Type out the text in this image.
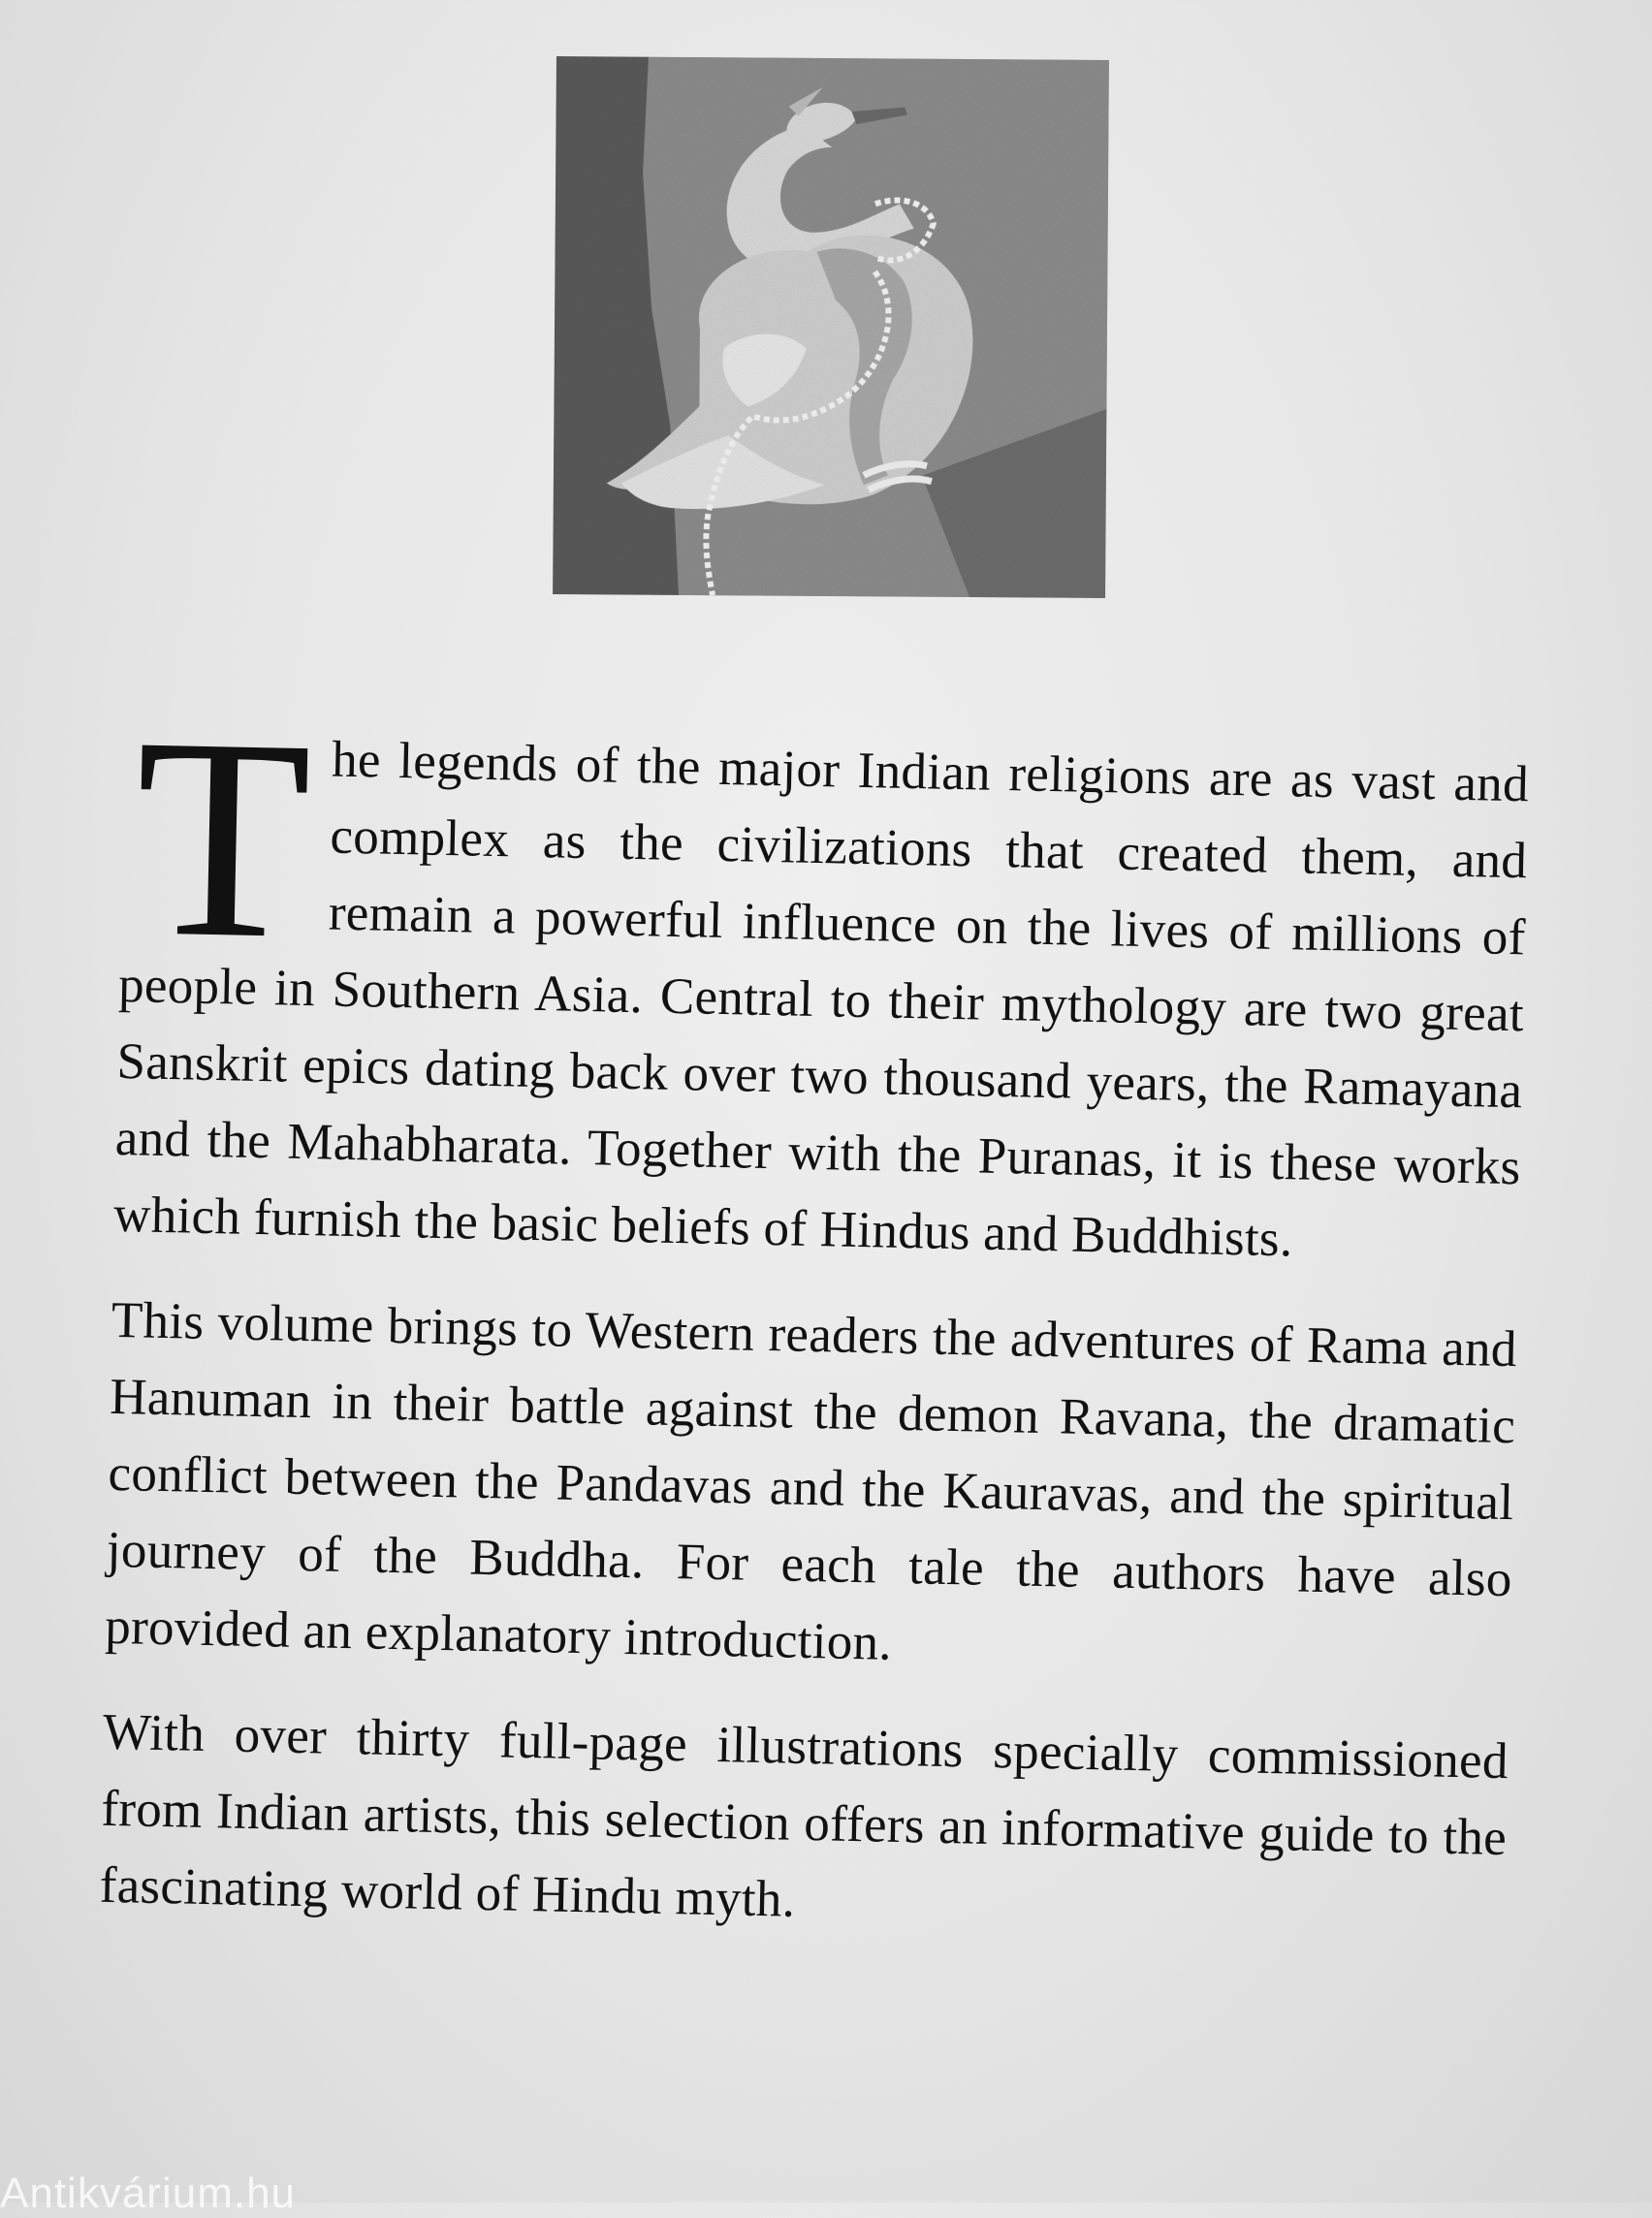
The legends of the major Indian religions are as vast and complex as the civilizations that created them, and remain a powerful influence on the lives of millions of people in Southern Asia. Central to their mythology are two great Sanskrit epics dating back over two thousand years, the Ramayana and the Mahabharata. Together with the Puranas, it is these works which furnish the basic beliefs of Hindus and Buddhists.

This volume brings to Western readers the adventures of Rama and Hanuman in their battle against the demon Ravana, the dramatic conflict between the Pandavas and the Kauravas, and the spiritual journey of the Buddha. For each tale the authors have also provided an explanatory introduction.

With over thirty full-page illustrations specially commissioned from Indian artists, this selection offers an informative guide to the fascinating world of Hindu myth.

Antikvárium.hu
